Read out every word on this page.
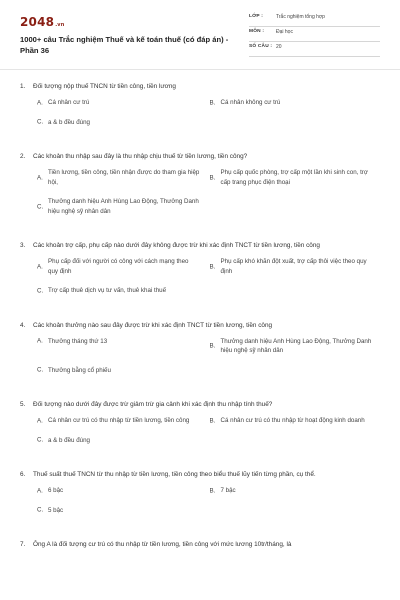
2048.vn
1000+ câu Trắc nghiệm Thuế và kế toán thuế (có đáp án) - Phần 36
LỚP :	Trắc nghiệm tổng hợp
MÔN : Đại học
SỐ CÂU : 20
1. Đối tượng nộp thuế TNCN từ tiền công, tiền lương
A. Cá nhân cư trú	B. Cá nhân không cư trú
C. a & b đều đúng
2. Các khoản thu nhập sau đây là thu nhập chịu thuế từ tiền lương, tiền công?
A.
Tiền lương, tiền công, tiền nhận được do tham gia hiệp hội,
B.
Phụ cấp quốc phòng, trợ cấp một lần khi sinh con, trợ cấp trang phục điện thoại
C.
Thưởng danh hiệu Anh Hùng Lao Động, Thưởng Danh hiệu nghệ sỹ nhân dân
3. Các khoản trợ cấp, phụ cấp nào dưới đây không được trừ khi xác định TNCT từ tiền lương, tiền công
A.
Phụ cấp đối với người có công với cách mạng theo quy định
B.
Phụ cấp khó khăn đột xuất, trợ cấp thôi việc theo quy định
C. Trợ cấp thuê dịch vụ tư vấn, thuê khai thuế
4. Các khoản thưởng nào sau đây được trừ khi xác định TNCT từ tiền lương, tiền công
A. Thưởng tháng thứ 13
B.
Thưởng danh hiệu Anh Hùng Lao Động, Thưởng Danh hiệu nghệ sỹ nhân dân
C. Thưởng bằng cổ phiếu
5. Đối tượng nào dưới đây được trừ giảm trừ gia cảnh khi xác định thu nhập tính thuế?
A. Cá nhân cư trú có thu nhập từ tiền lương, tiền công	B. Cá nhân cư trú có thu nhập từ hoạt động kinh doanh
C. a & b đều đúng
6. Thuế suất thuế TNCN từ thu nhập từ tiền lương, tiền công theo biểu thuế lũy tiến từng phần, cụ thể.
A. 6 bậc	B. 7 bậc
C. 5 bậc
7. Ông A là đối tượng cư trú có thu nhập từ tiền lương, tiền công với mức lương 10tr/tháng, là
